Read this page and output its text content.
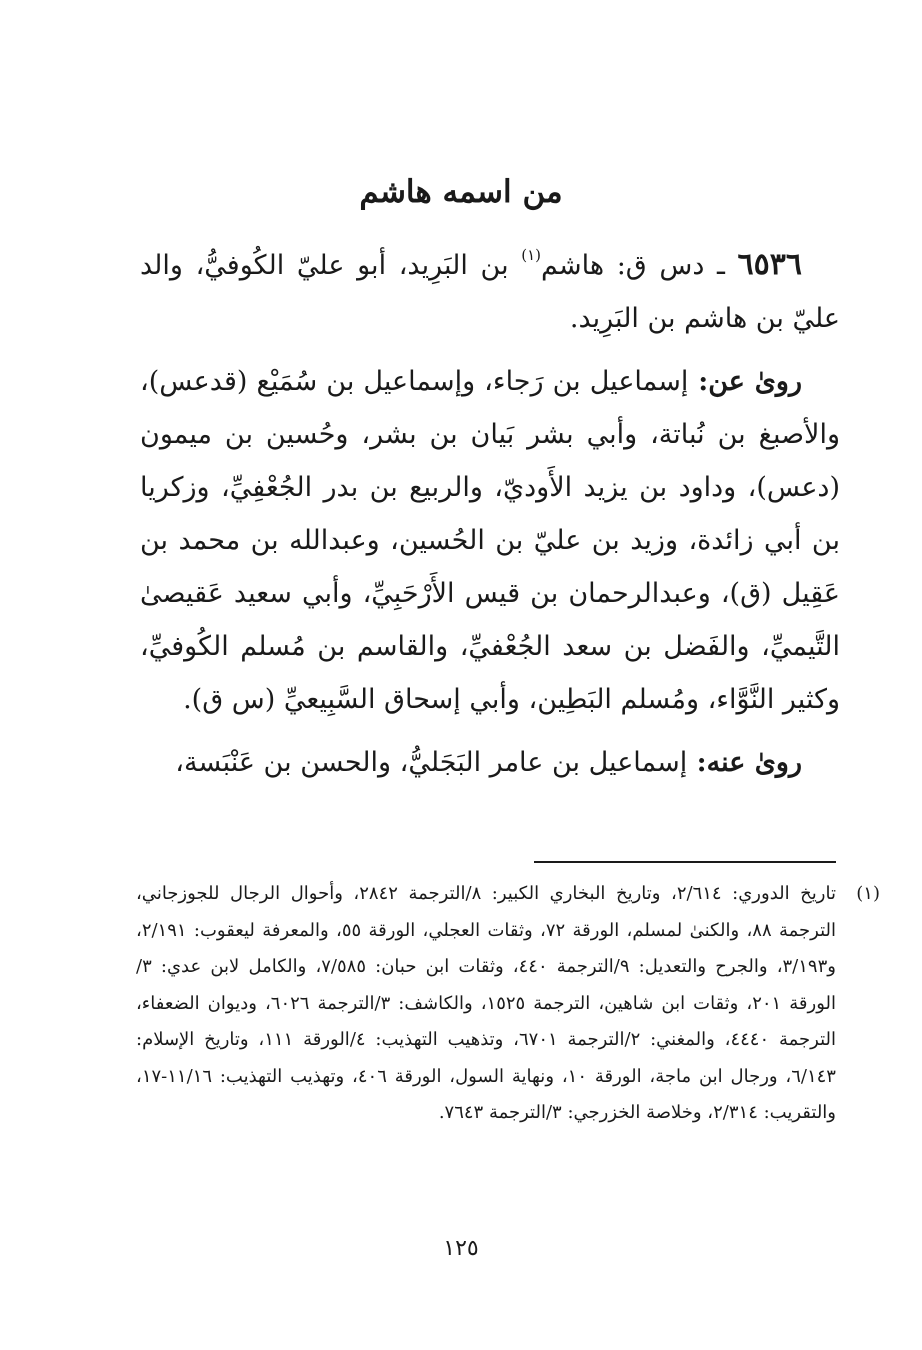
من اسمه هاشم

٦٥٣٦ ـ دس ق: هاشم$^{(١)}$ بن البَرِيد، أبو عليّ الكُوفيُّ، والد عليّ بن هاشم بن البَرِيد.

روىٰ عن: إسماعيل بن رَجاء، وإسماعيل بن سُمَيْع (قدعس)، والأصبغ بن نُباتة، وأبي بشر بَيان بن بشر، وحُسين بن ميمون (دعس)، وداود بن يزيد الأَوديّ، والربيع بن بدر الجُعْفِيِّ، وزكريا بن أبي زائدة، وزيد بن عليّ بن الحُسين، وعبدالله بن محمد بن عَقِيل (ق)، وعبدالرحمان بن قيس الأَرْحَبِيِّ، وأبي سعيد عَقيصىٰ التَّيميِّ، والفَضل بن سعد الجُعْفيِّ، والقاسم بن مُسلم الكُوفيِّ، وكثير النَّوَّاء، ومُسلم البَطِين، وأبي إسحاق السَّبِيعيِّ (س ق).

روىٰ عنه: إسماعيل بن عامر البَجَليُّ، والحسن بن عَنْبَسة،

(١)
تاريخ الدوري: ٢/٦١٤، وتاريخ البخاري الكبير: ٨/الترجمة ٢٨٤٢، وأحوال الرجال للجوزجاني، الترجمة ٨٨، والكنىٰ لمسلم، الورقة ٧٢، وثقات العجلي، الورقة ٥٥، والمعرفة ليعقوب: ٢/١٩١، و٣/١٩٣، والجرح والتعديل: ٩/الترجمة ٤٤٠، وثقات ابن حبان: ٧/٥٨٥، والكامل لابن عدي: ٣/الورقة ٢٠١، وثقات ابن شاهين، الترجمة ١٥٢٥، والكاشف: ٣/الترجمة ٦٠٢٦، وديوان الضعفاء، الترجمة ٤٤٤٠، والمغني: ٢/الترجمة ٦٧٠١، وتذهيب التهذيب: ٤/الورقة ١١١، وتاريخ الإسلام: ٦/١٤٣، ورجال ابن ماجة، الورقة ١٠، ونهاية السول، الورقة ٤٠٦، وتهذيب التهذيب: ١١/١٦-١٧، والتقريب: ٢/٣١٤، وخلاصة الخزرجي: ٣/الترجمة ٧٦٤٣.
١٢٥
